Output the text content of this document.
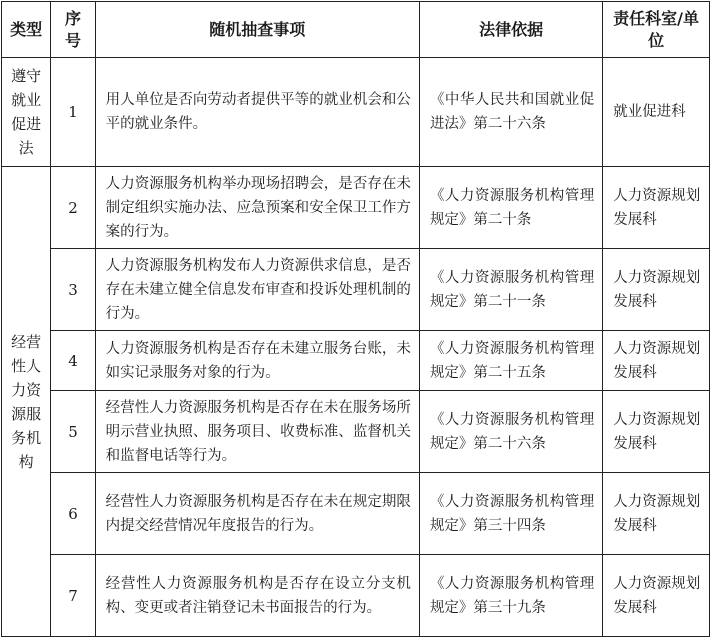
类型	序号	随机抽查事项	法律依据	责任科室/单位
遵守就业促进法	1	用人单位是否向劳动者提供平等的就业机会和公平的就业条件。	《中华人民共和国就业促进法》第二十六条	就业促进科
经营性人力资源服务机构	2	人力资源服务机构举办现场招聘会，是否存在未制定组织实施办法、应急预案和安全保卫工作方案的行为。	《人力资源服务机构管理规定》第二十条	人力资源规划发展科
	3	人力资源服务机构发布人力资源供求信息，是否存在未建立健全信息发布审查和投诉处理机制的行为。	《人力资源服务机构管理规定》第二十一条	人力资源规划发展科
	4	人力资源服务机构是否存在未建立服务台账，未如实记录服务对象的行为。	《人力资源服务机构管理规定》第二十五条	人力资源规划发展科
	5	经营性人力资源服务机构是否存在未在服务场所明示营业执照、服务项目、收费标准、监督机关和监督电话等行为。	《人力资源服务机构管理规定》第二十六条	人力资源规划发展科
	6	经营性人力资源服务机构是否存在未在规定期限内提交经营情况年度报告的行为。	《人力资源服务机构管理规定》第三十四条	人力资源规划发展科
	7	经营性人力资源服务机构是否存在设立分支机构、变更或者注销登记未书面报告的行为。	《人力资源服务机构管理规定》第三十九条	人力资源规划发展科
